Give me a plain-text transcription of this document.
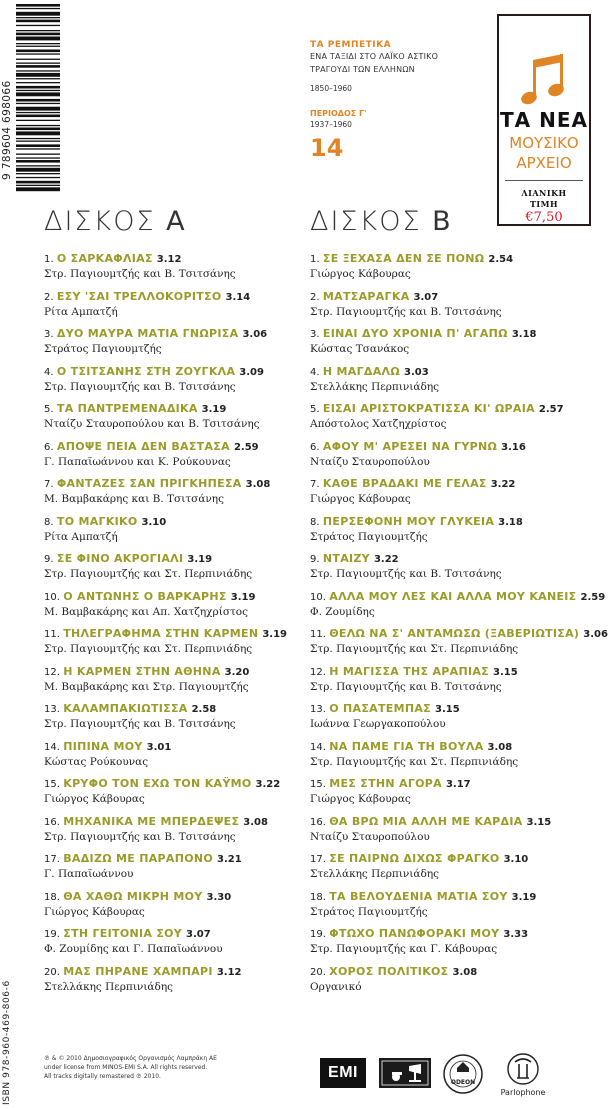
9 789604 698066
ΤΑ ΡΕΜΠΕΤΙΚΑ
ΕΝΑ ΤΑΞΙΔΙ ΣΤΟ ΛΑΪΚΟ ΑΣΤΙΚΟ
ΤΡΑΓΟΥΔΙ ΤΩΝ ΕΛΛΗΝΩΝ
1850–1960
ΠΕΡΙΟΔΟΣ Γ'
1937–1960
14
ΤΑ ΝΕΑ
ΜΟΥΣΙΚΟ
ΑΡΧΕΙΟ
ΛΙΑΝΙΚΗ
ΤΙΜΗ
€7,50
ΔΙΣΚΟΣ Α
1. Ο ΣΑΡΚΑΦΛΙΑΣ 3.12
Στρ. Παγιουμτζής και Β. Τσιτσάνης
2. ΕΣΥ 'ΣΑΙ ΤΡΕΛΛΟΚΟΡΙΤΣΟ 3.14
Ρίτα Αμπατζή
3. ΔΥΟ ΜΑΥΡΑ ΜΑΤΙΑ ΓΝΩΡΙΣΑ 3.06
Στράτος Παγιουμτζής
4. Ο ΤΣΙΤΣΑΝΗΣ ΣΤΗ ΖΟΥΓΚΛΑ 3.09
Στρ. Παγιουμτζής και Β. Τσιτσάνης
5. ΤΑ ΠΑΝΤΡΕΜΕΝΑΔΙΚΑ 3.19
Νταίζυ Σταυροπούλου και Β. Τσιτσάνης
6. ΑΠΟΨΕ ΠΕΙΑ ΔΕΝ ΒΑΣΤΑΣΑ 2.59
Γ. Παπαϊωάννου και Κ. Ρούκουνας
7. ΦΑΝΤΑΖΕΣ ΣΑΝ ΠΡΙΓΚΗΠΕΣΑ 3.08
Μ. Βαμβακάρης και Β. Τσιτσάνης
8. ΤΟ ΜΑΓΚΙΚΟ 3.10
Ρίτα Αμπατζή
9. ΣΕ ΦΙΝΟ ΑΚΡΟΓΙΑΛΙ 3.19
Στρ. Παγιουμτζής και Στ. Περπινιάδης
10. Ο ΑΝΤΩΝΗΣ Ο ΒΑΡΚΑΡΗΣ 3.19
Μ. Βαμβακάρης και Απ. Χατζηχρίστος
11. ΤΗΛΕΓΡΑΦΗΜΑ ΣΤΗΝ ΚΑΡΜΕΝ 3.19
Στρ. Παγιουμτζής και Στ. Περπινιάδης
12. Η ΚΑΡΜΕΝ ΣΤΗΝ ΑΘΗΝΑ 3.20
Μ. Βαμβακάρης και Στρ. Παγιουμτζής
13. ΚΑΛΑΜΠΑΚΙΩΤΙΣΣΑ 2.58
Στρ. Παγιουμτζής και Β. Τσιτσάνης
14. ΠΙΠΙΝΑ ΜΟΥ 3.01
Κώστας Ρούκουνας
15. ΚΡΥΦΟ ΤΟΝ ΕΧΩ ΤΟΝ ΚΑΫΜΟ 3.22
Γιώργος Κάβουρας
16. ΜΗΧΑΝΙΚΑ ΜΕ ΜΠΕΡΔΕΨΕΣ 3.08
Στρ. Παγιουμτζής και Β. Τσιτσάνης
17. ΒΑΔΙΖΩ ΜΕ ΠΑΡΑΠΟΝΟ 3.21
Γ. Παπαϊωάννου
18. ΘΑ ΧΑΘΩ ΜΙΚΡΗ ΜΟΥ 3.30
Γιώργος Κάβουρας
19. ΣΤΗ ΓΕΙΤΟΝΙΑ ΣΟΥ 3.07
Φ. Ζουμίδης και Γ. Παπαϊωάννου
20. ΜΑΣ ΠΗΡΑΝΕ ΧΑΜΠΑΡΙ 3.12
Στελλάκης Περπινιάδης
ΔΙΣΚΟΣ Β
1. ΣΕ ΞΕΧΑΣΑ ΔΕΝ ΣΕ ΠΟΝΩ 2.54
Γιώργος Κάβουρας
2. ΜΑΤΣΑΡΑΓΚΑ 3.07
Στρ. Παγιουμτζής και Β. Τσιτσάνης
3. ΕΙΝΑΙ ΔΥΟ ΧΡΟΝΙΑ Π' ΑΓΑΠΩ 3.18
Κώστας Τσανάκος
4. Η ΜΑΓΔΑΛΩ 3.03
Στελλάκης Περπινιάδης
5. ΕΙΣΑΙ ΑΡΙΣΤΟΚΡΑΤΙΣΣΑ ΚΙ' ΩΡΑΙΑ 2.57
Απόστολος Χατζηχρίστος
6. ΑΦΟΥ Μ' ΑΡΕΣΕΙ ΝΑ ΓΥΡΝΩ 3.16
Νταίζυ Σταυροπούλου
7. ΚΑΘΕ ΒΡΑΔΑΚΙ ΜΕ ΓΕΛΑΣ 3.22
Γιώργος Κάβουρας
8. ΠΕΡΣΕΦΟΝΗ ΜΟΥ ΓΛΥΚΕΙΑ 3.18
Στράτος Παγιουμτζής
9. ΝΤΑΙΖΥ 3.22
Στρ. Παγιουμτζής και Β. Τσιτσάνης
10. ΑΛΛΑ ΜΟΥ ΛΕΣ ΚΑΙ ΑΛΛΑ ΜΟΥ ΚΑΝΕΙΣ 2.59
Φ. Ζουμίδης
11. ΘΕΛΩ ΝΑ Σ' ΑΝΤΑΜΩΣΩ (ΞΑΒΕΡΙΩΤΙΣΑ) 3.06
Στρ. Παγιουμτζής και Στ. Περπινιάδης
12. Η ΜΑΓΙΣΣΑ ΤΗΣ ΑΡΑΠΙΑΣ 3.15
Στρ. Παγιουμτζής και Β. Τσιτσάνης
13. Ο ΠΑΣΑΤΕΜΠΑΣ 3.15
Ιωάννα Γεωργακοπούλου
14. ΝΑ ΠΑΜΕ ΓΙΑ ΤΗ ΒΟΥΛΑ 3.08
Στρ. Παγιουμτζής και Στ. Περπινιάδης
15. ΜΕΣ ΣΤΗΝ ΑΓΟΡΑ 3.17
Γιώργος Κάβουρας
16. ΘΑ ΒΡΩ ΜΙΑ ΑΛΛΗ ΜΕ ΚΑΡΔΙΑ 3.15
Νταίζυ Σταυροπούλου
17. ΣΕ ΠΑΙΡΝΩ ΔΙΧΩΣ ΦΡΑΓΚΟ 3.10
Στελλάκης Περπινιάδης
18. ΤΑ ΒΕΛΟΥΔΕΝΙΑ ΜΑΤΙΑ ΣΟΥ 3.19
Στράτος Παγιουμτζής
19. ΦΤΩΧΟ ΠΑΝΩΦΟΡΑΚΙ ΜΟΥ 3.33
Στρ. Παγιουμτζής και Γ. Κάβουρας
20. ΧΟΡΟΣ ΠΟΛΙΤΙΚΟΣ 3.08
Οργανικό
ISBN 978-960-469-806-6	℗ & © 2010 Δημοσιογραφικός Οργανισμός Λαμπράκη ΑΕ
under license from MINOS-EMI S.A. All rights reserved.
All tracks digitally remastered ℗ 2010.	EMI
ODEON
Parlophone
